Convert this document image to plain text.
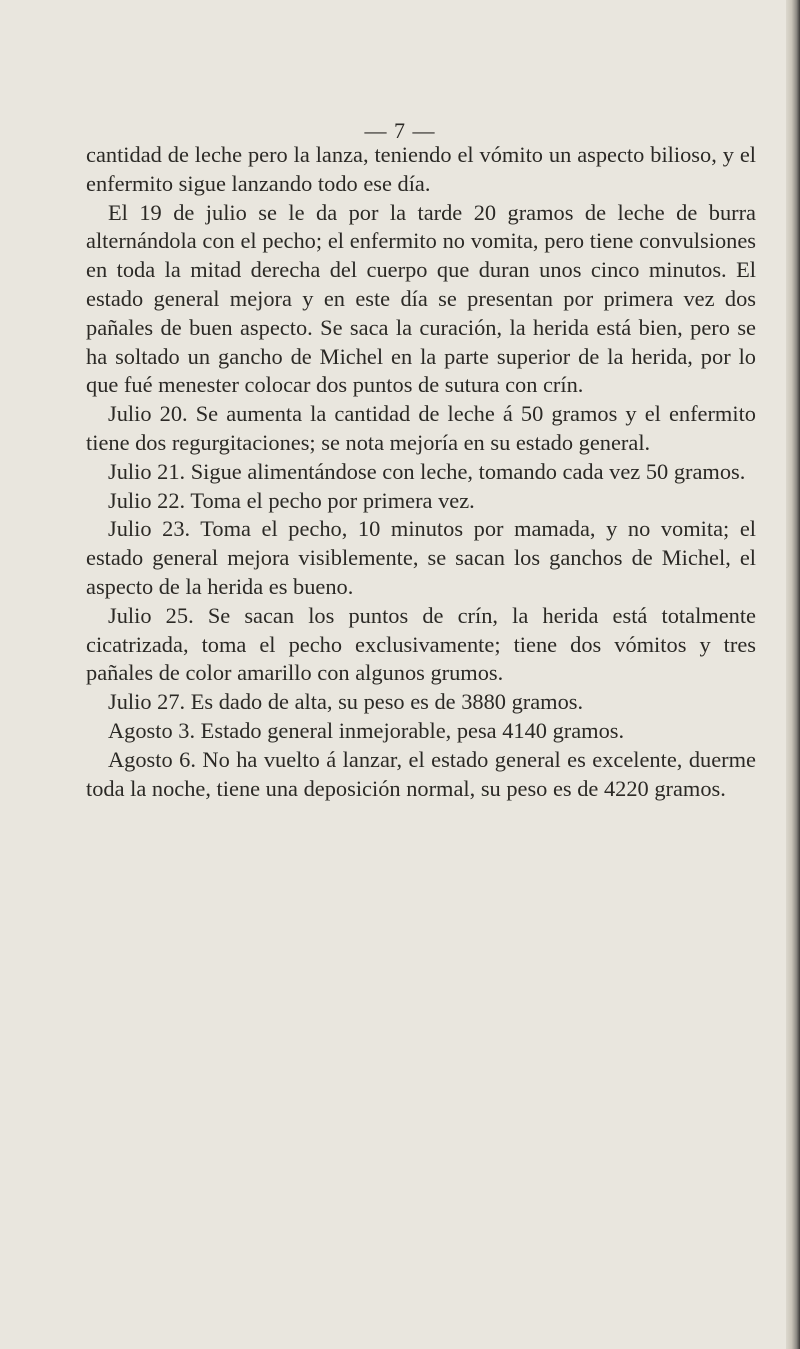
— 7 —

cantidad de leche pero la lanza, teniendo el vómito un aspecto bilioso, y el enfermito sigue lanzando todo ese día.

El 19 de julio se le da por la tarde 20 gramos de leche de burra alternándola con el pecho; el enfermito no vomita, pero tiene convulsiones en toda la mitad derecha del cuerpo que duran unos cinco minutos. El estado general mejora y en este día se presentan por primera vez dos pañales de buen aspecto. Se saca la curación, la herida está bien, pero se ha soltado un gancho de Michel en la parte superior de la herida, por lo que fué menester colocar dos puntos de sutura con crín.

Julio 20. Se aumenta la cantidad de leche á 50 gramos y el enfermito tiene dos regurgitaciones; se nota mejoría en su estado general.

Julio 21. Sigue alimentándose con leche, tomando cada vez 50 gramos.

Julio 22. Toma el pecho por primera vez.

Julio 23. Toma el pecho, 10 minutos por mamada, y no vomita; el estado general mejora visiblemente, se sacan los ganchos de Michel, el aspecto de la herida es bueno.

Julio 25. Se sacan los puntos de crín, la herida está totalmente cicatrizada, toma el pecho exclusivamente; tiene dos vómitos y tres pañales de color amarillo con algunos grumos.

Julio 27. Es dado de alta, su peso es de 3880 gramos.

Agosto 3. Estado general inmejorable, pesa 4140 gramos.

Agosto 6. No ha vuelto á lanzar, el estado general es excelente, duerme toda la noche, tiene una deposición normal, su peso es de 4220 gramos.
